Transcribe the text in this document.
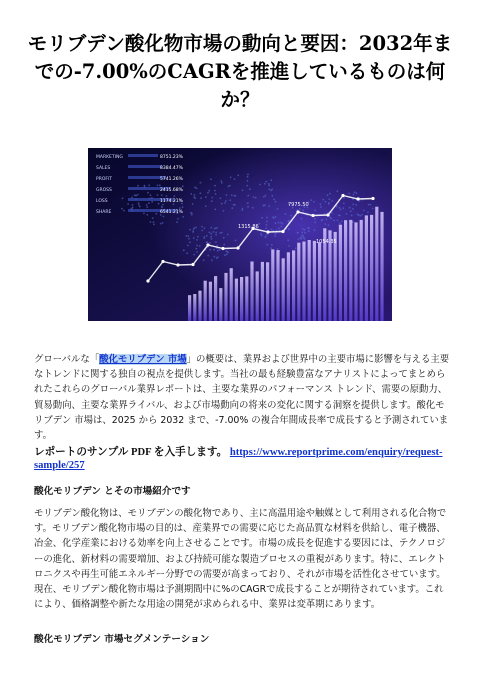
モリブデン酸化物市場の動向と要因：2032年までの-7.00%のCAGRを推進しているものは何か？
MARKETING	8751.23%
SALES	8384.47%
PROFIT	5741.26%
GROSS	2415.68%
LOSS	1174.21%
SHARE	6541.21%
7975.50
1054.35
1315.86
グローバルな「酸化モリブデン 市場」の概要は、業界および世界中の主要市場に影響を与える主要なトレンドに関する独自の視点を提供します。当社の最も経験豊富なアナリストによってまとめられたこれらのグローバル業界レポートは、主要な業界のパフォーマンス トレンド、需要の原動力、貿易動向、主要な業界ライバル、および市場動向の将来の変化に関する洞察を提供します。酸化モリブデン 市場は、2025 から 2032 まで、-7.00% の複合年間成長率で成長すると予測されています。
レポートのサンプル PDF を入手します。 https://www.reportprime.com/enquiry/request-sample/257
酸化モリブデン とその市場紹介です
モリブデン酸化物は、モリブデンの酸化物であり、主に高温用途や触媒として利用される化合物です。モリブデン酸化物市場の目的は、産業界での需要に応じた高品質な材料を供給し、電子機器、冶金、化学産業における効率を向上させることです。市場の成長を促進する要因には、テクノロジーの進化、新材料の需要増加、および持続可能な製造プロセスの重視があります。特に、エレクトロニクスや再生可能エネルギー分野での需要が高まっており、それが市場を活性化させています。現在、モリブデン酸化物市場は予測期間中に%のCAGRで成長することが期待されています。これにより、価格調整や新たな用途の開発が求められる中、業界は変革期にあります。
酸化モリブデン 市場セグメンテーション
